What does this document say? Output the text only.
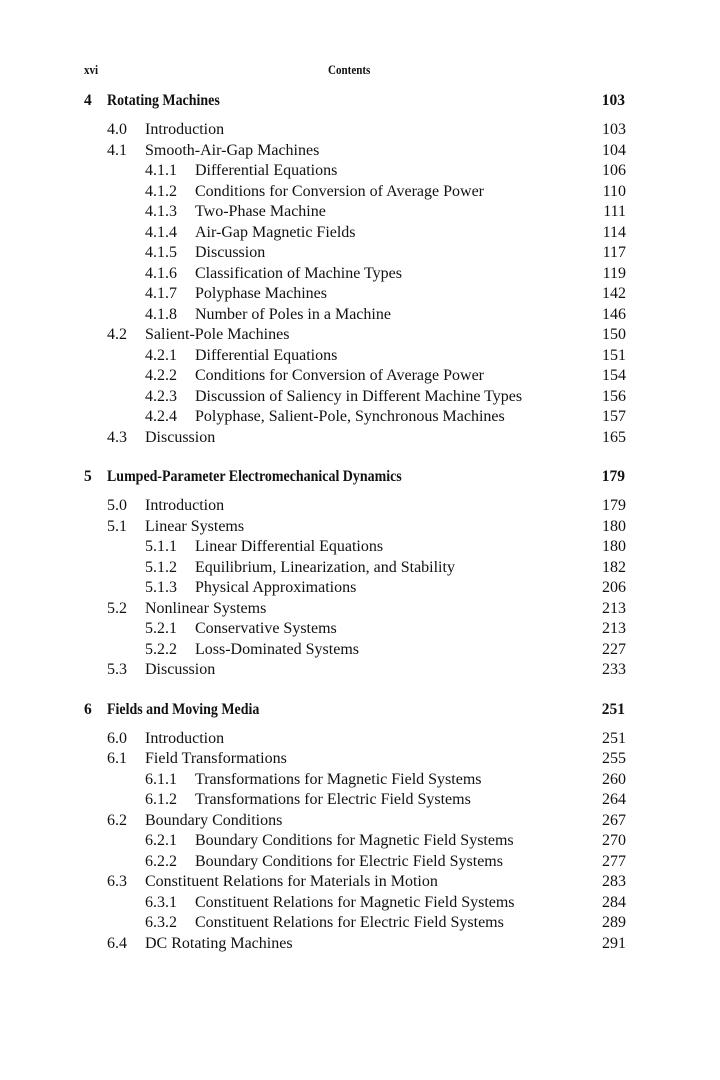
xvi	Contents
4 Rotating Machines	103
4.0 Introduction	103
4.1 Smooth-Air-Gap Machines	104
4.1.1 Differential Equations	106
4.1.2 Conditions for Conversion of Average Power	110
4.1.3 Two-Phase Machine	111
4.1.4 Air-Gap Magnetic Fields	114
4.1.5 Discussion	117
4.1.6 Classification of Machine Types	119
4.1.7 Polyphase Machines	142
4.1.8 Number of Poles in a Machine	146
4.2 Salient-Pole Machines	150
4.2.1 Differential Equations	151
4.2.2 Conditions for Conversion of Average Power	154
4.2.3 Discussion of Saliency in Different Machine Types	156
4.2.4 Polyphase, Salient-Pole, Synchronous Machines	157
4.3 Discussion	165
5 Lumped-Parameter Electromechanical Dynamics	179
5.0 Introduction	179
5.1 Linear Systems	180
5.1.1 Linear Differential Equations	180
5.1.2 Equilibrium, Linearization, and Stability	182
5.1.3 Physical Approximations	206
5.2 Nonlinear Systems	213
5.2.1 Conservative Systems	213
5.2.2 Loss-Dominated Systems	227
5.3 Discussion	233
6 Fields and Moving Media	251
6.0 Introduction	251
6.1 Field Transformations	255
6.1.1 Transformations for Magnetic Field Systems	260
6.1.2 Transformations for Electric Field Systems	264
6.2 Boundary Conditions	267
6.2.1 Boundary Conditions for Magnetic Field Systems	270
6.2.2 Boundary Conditions for Electric Field Systems	277
6.3 Constituent Relations for Materials in Motion	283
6.3.1 Constituent Relations for Magnetic Field Systems	284
6.3.2 Constituent Relations for Electric Field Systems	289
6.4 DC Rotating Machines	291
